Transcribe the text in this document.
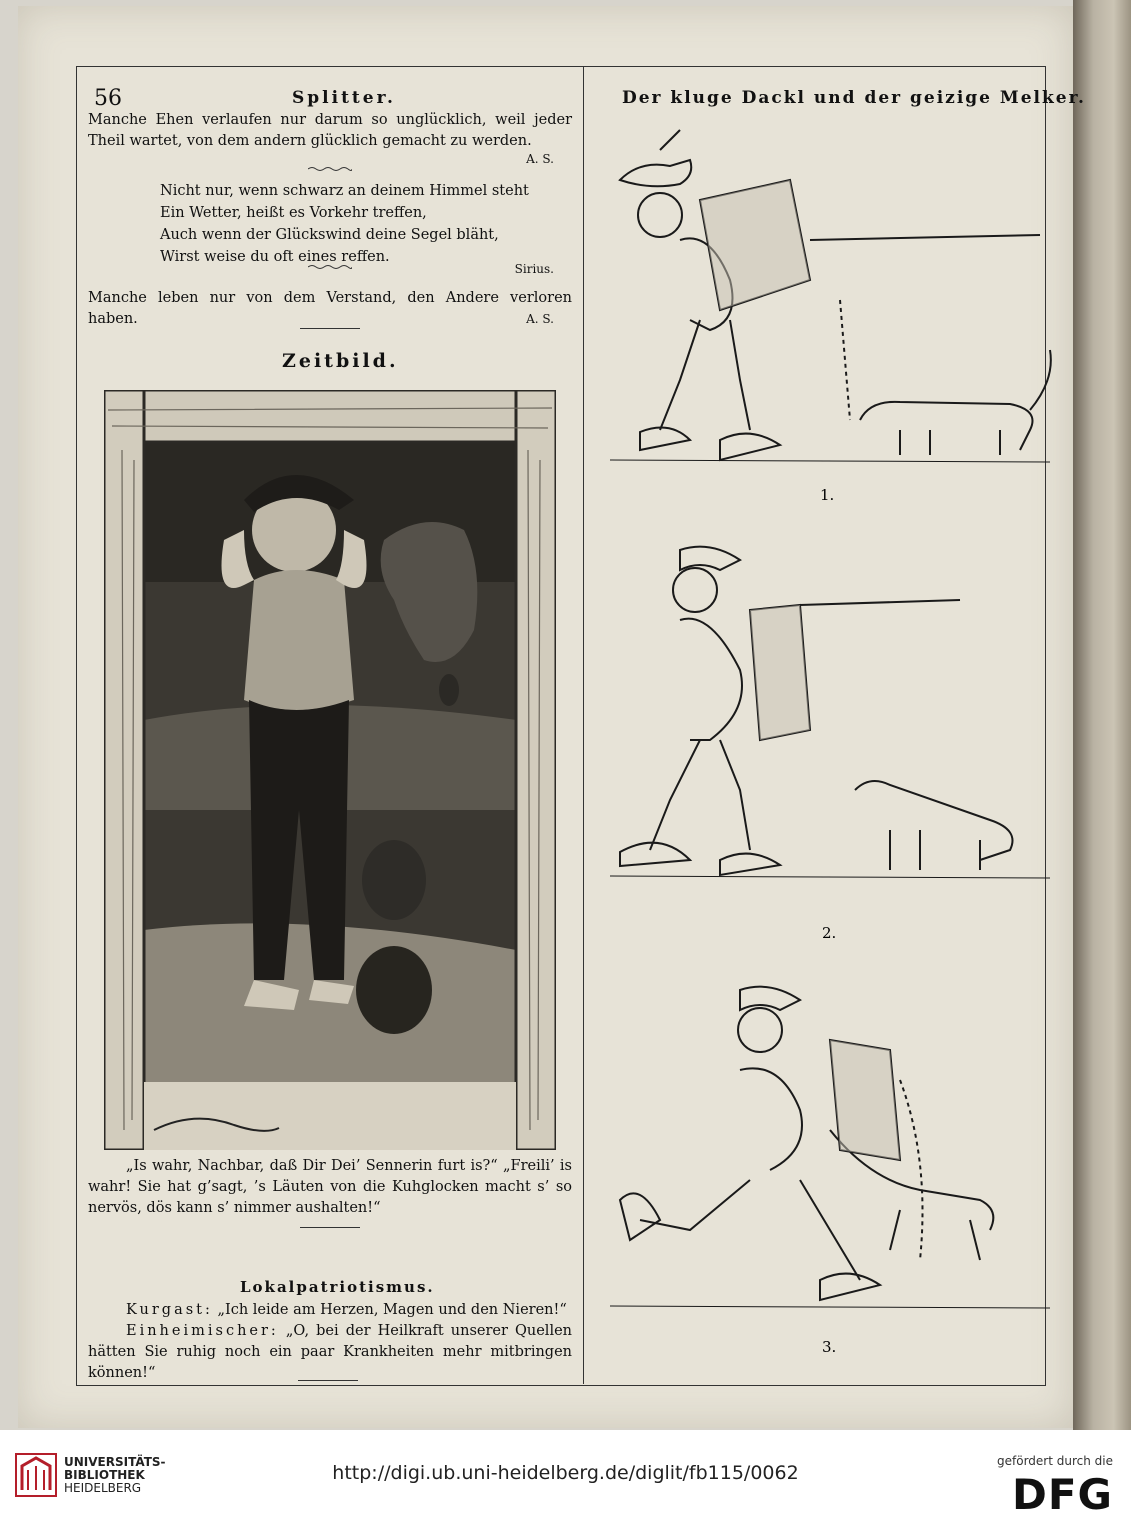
56	Splitter.
Manche Ehen verlaufen nur darum so unglücklich, weil jeder Theil wartet, von dem andern glücklich gemacht zu werden.
A. S.
Nicht nur, wenn schwarz an deinem Himmel steht
Ein Wetter, heißt es Vorkehr treffen,
Auch wenn der Glückswind deine Segel bläht,
Wirst weise du oft eines reffen.
Sirius.
Manche leben nur von dem Verstand, den Andere verloren haben.	A. S.
Zeitbild.
„Is wahr, Nachbar, daß Dir Dei’ Sennerin furt is?“ „Freili’ is wahr! Sie hat g’sagt, ’s Läuten von die Kuhglocken macht s’ so nervös, dös kann s’ nimmer aushalten!“
Lokalpatriotismus.
Kurgast: „Ich leide am Herzen, Magen und den Nieren!“
Einheimischer: „O, bei der Heilkraft unserer Quellen hätten Sie ruhig noch ein paar Krankheiten mehr mitbringen können!“
Der kluge Dackl und der geizige Melker.
1.
2.
3.
UNIVERSITÄTS-
BIBLIOTHEK
HEIDELBERG
http://digi.ub.uni-heidelberg.de/diglit/fb115/0062
gefördert durch die
DFG
